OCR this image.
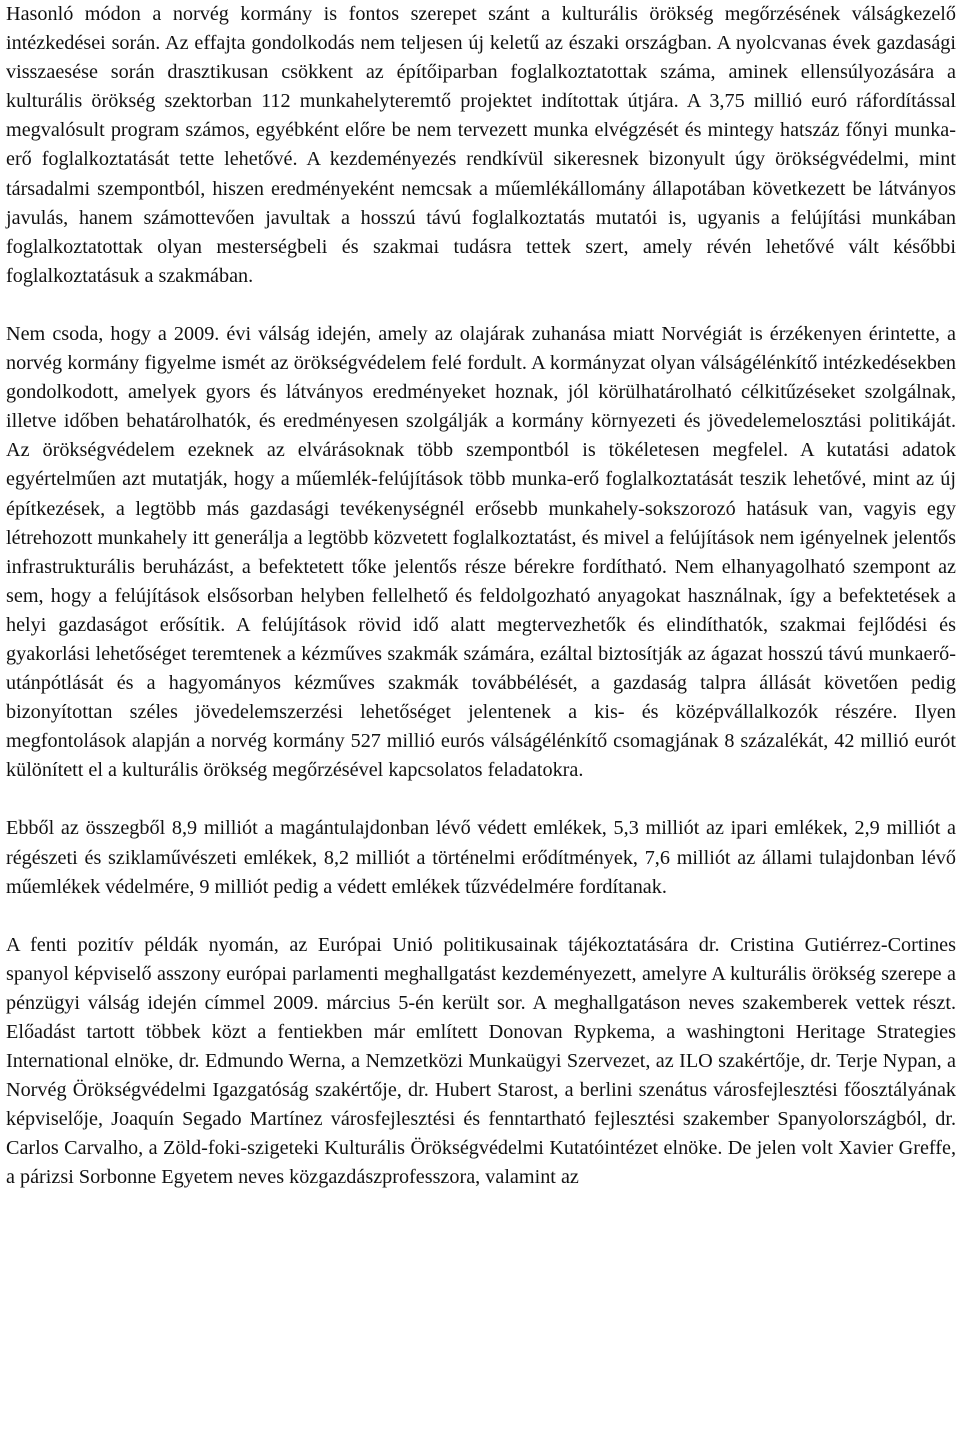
Hasonló módon a norvég kormány is fontos szerepet szánt a kulturális örökség megőrzésének válságkezelő intézkedései során. Az effajta gondolkodás nem teljesen új keletű az északi országban. A nyolcvanas évek gazdasági visszaesése során drasztikusan csökkent az építőiparban foglalkoztatottak száma, aminek ellensúlyozására a kulturális örökség szektorban 112 munkahelyteremtő projektet indítottak útjára. A 3,75 millió euró ráfordítással megvalósult program számos, egyébként előre be nem tervezett munka elvégzését és mintegy hatszáz főnyi munka-erő foglalkoztatását tette lehetővé. A kezdeményezés rendkívül sikeresnek bizonyult úgy örökségvédelmi, mint társadalmi szempontból, hiszen eredményeként nemcsak a műemlékállomány állapotában következett be látványos javulás, hanem számottevően javultak a hosszú távú foglalkoztatás mutatói is, ugyanis a felújítási munkában foglalkoztatottak olyan mesterségbeli és szakmai tudásra tettek szert, amely révén lehetővé vált későbbi foglalkoztatásuk a szakmában.

Nem csoda, hogy a 2009. évi válság idején, amely az olajárak zuhanása miatt Norvégiát is érzékenyen érintette, a norvég kormány figyelme ismét az örökségvédelem felé fordult. A kormányzat olyan válságélénkítő intézkedésekben gondolkodott, amelyek gyors és látványos eredményeket hoznak, jól körülhatárolható célkitűzéseket szolgálnak, illetve időben behatárolhatók, és eredményesen szolgálják a kormány környezeti és jövedelemelosztási politikáját. Az örökségvédelem ezeknek az elvárásoknak több szempontból is tökéletesen megfelel. A kutatási adatok egyértelműen azt mutatják, hogy a műemlék-felújítások több munka-erő foglalkoztatását teszik lehetővé, mint az új építkezések, a legtöbb más gazdasági tevékenységnél erősebb munkahely-sokszorozó hatásuk van, vagyis egy létrehozott munkahely itt generálja a legtöbb közvetett foglalkoztatást, és mivel a felújítások nem igényelnek jelentős infrastrukturális beruházást, a befektetett tőke jelentős része bérekre fordítható. Nem elhanyagolható szempont az sem, hogy a felújítások elsősorban helyben fellelhető és feldolgozható anyagokat használnak, így a befektetések a helyi gazdaságot erősítik. A felújítások rövid idő alatt megtervezhetők és elindíthatók, szakmai fejlődési és gyakorlási lehetőséget teremtenek a kézműves szakmák számára, ezáltal biztosítják az ágazat hosszú távú munkaerő-utánpótlását és a hagyományos kézműves szakmák továbbélését, a gazdaság talpra állását követően pedig bizonyítottan széles jövedelemszerzési lehetőséget jelentenek a kis- és középvállalkozók részére. Ilyen megfontolások alapján a norvég kormány 527 millió eurós válságélénkítő csomagjának 8 százalékát, 42 millió eurót különített el a kulturális örökség megőrzésével kapcsolatos feladatokra.

Ebből az összegből 8,9 milliót a magántulajdonban lévő védett emlékek, 5,3 milliót az ipari emlékek, 2,9 milliót a régészeti és sziklaművészeti emlékek, 8,2 milliót a történelmi erődítmények, 7,6 milliót az állami tulajdonban lévő műemlékek védelmére, 9 milliót pedig a védett emlékek tűzvédelmére fordítanak.

A fenti pozitív példák nyomán, az Európai Unió politikusainak tájékoztatására dr. Cristina Gutiérrez-Cortines spanyol képviselő asszony európai parlamenti meghallgatást kezdeményezett, amelyre A kulturális örökség szerepe a pénzügyi válság idején címmel 2009. március 5-én került sor. A meghallgatáson neves szakemberek vettek részt. Előadást tartott többek közt a fentiekben már említett Donovan Rypkema, a washingtoni Heritage Strategies International elnöke, dr. Edmundo Werna, a Nemzetközi Munkaügyi Szervezet, az ILO szakértője, dr. Terje Nypan, a Norvég Örökségvédelmi Igazgatóság szakértője, dr. Hubert Starost, a berlini szenátus városfejlesztési főosztályának képviselője, Joaquín Segado Martínez városfejlesztési és fenntartható fejlesztési szakember Spanyolországból, dr. Carlos Carvalho, a Zöld-foki-szigeteki Kulturális Örökségvédelmi Kutatóintézet elnöke. De jelen volt Xavier Greffe, a párizsi Sorbonne Egyetem neves közgazdászprofesszora, valamint az
